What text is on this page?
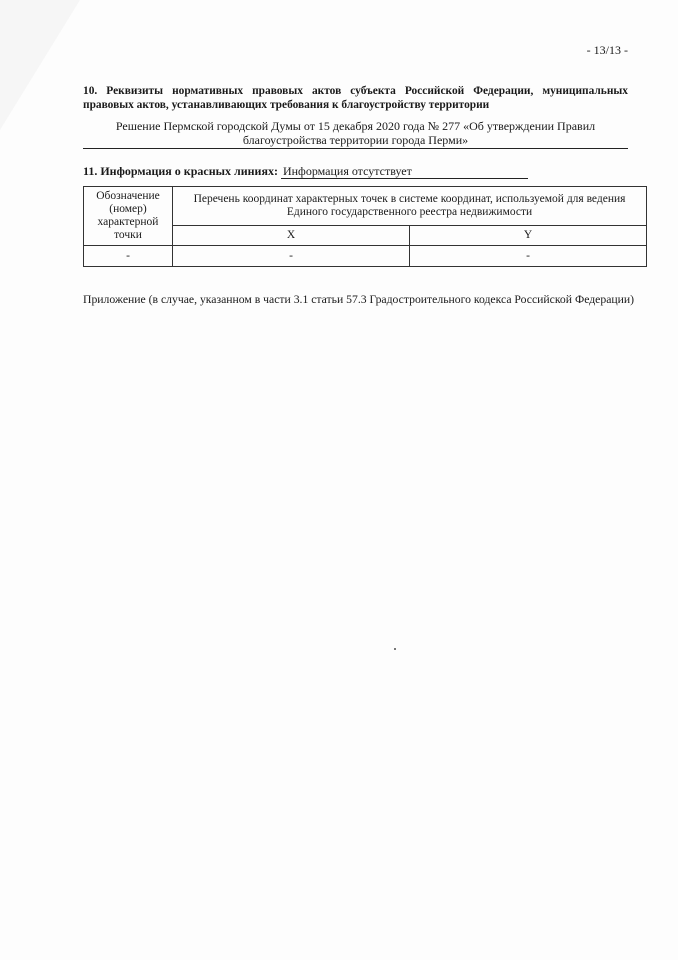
- 13/13 -
10. Реквизиты нормативных правовых актов субъекта Российской Федерации, муниципальных правовых актов, устанавливающих требования к благоустройству территории
Решение Пермской городской Думы от 15 декабря 2020 года № 277 «Об утверждении Правил благоустройства территории города Перми»
11. Информация о красных линиях: Информация отсутствует
Обозначение (номер) характерной точки	Перечень координат характерных точек в системе координат, используемой для ведения Единого государственного реестра недвижимости	
	X	Y
-	-	-
Приложение (в случае, указанном в части 3.1 статьи 57.3 Градостроительного кодекса Российской Федерации)
